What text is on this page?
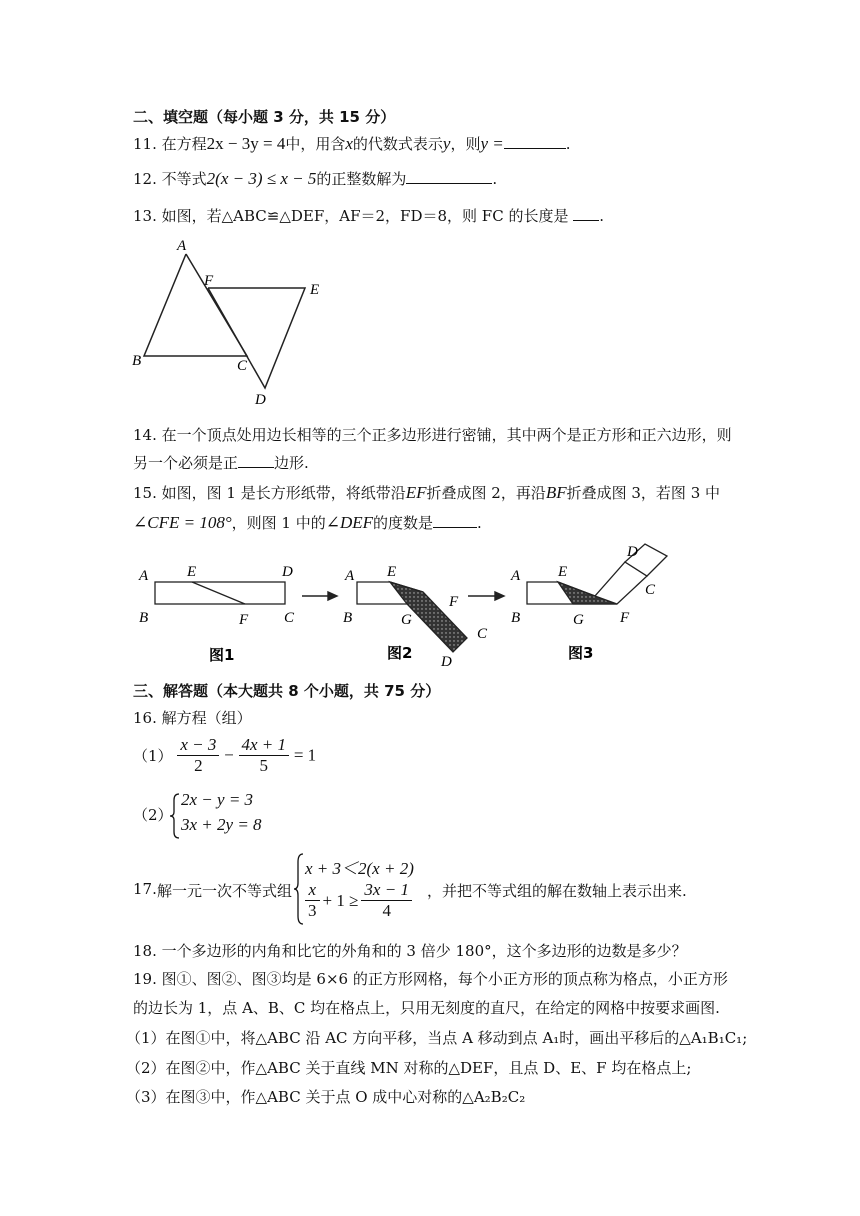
二、填空题（每小题 3 分，共 15 分）
11. 在方程2x − 3y = 4中，用含x的代数式表示y，则y =	.
12. 不等式2(x − 3) ≤ x − 5的正整数解为	.
13. 如图，若△ABC≌△DEF，AF＝2，FD＝8，则 FC 的长度是 .
A
F
E
B	C
D
14. 在一个顶点处用边长相等的三个正多边形进行密铺，其中两个是正方形和正六边形，则
另一个必须是正 边形.
15. 如图，图 1 是长方形纸带，将纸带沿EF折叠成图 2，再沿BF折叠成图 3，若图 3 中
∠CFE = 108°，则图 1 中的∠DEF的度数是	.
A	E	D
B	F C
图1
A E
F
B	G
C
D
图2
D
A	E
C
B	G F
图3
三、解答题（本大题共 8 个小题，共 75 分）
16. 解方程（组）
$(1) \frac{x - 3}{2} - \frac{4x + 1}{5} = 1$
（2）
2x − y = 3
3x + 2y = 8
17. 解一元一次不等式组
x + 3＜2(x + 2)
$\frac{x}{3} + 1 \ge \frac{3x - 1}{4}$ ，并把不等式组的解在数轴上表示出来.
18. 一个多边形的内角和比它的外角和的 3 倍少 180°，这个多边形的边数是多少？
19. 图①、图②、图③均是 6×6 的正方形网格，每个小正方形的顶点称为格点，小正方形
的边长为 1，点 A、B、C 均在格点上，只用无刻度的直尺，在给定的网格中按要求画图.
（1）在图①中，将△ABC 沿 AC 方向平移，当点 A 移动到点 A₁时，画出平移后的△A₁B₁C₁;
（2）在图②中，作△ABC 关于直线 MN 对称的△DEF，且点 D、E、F 均在格点上;
（3）在图③中，作△ABC 关于点 O 成中心对称的△A₂B₂C₂
